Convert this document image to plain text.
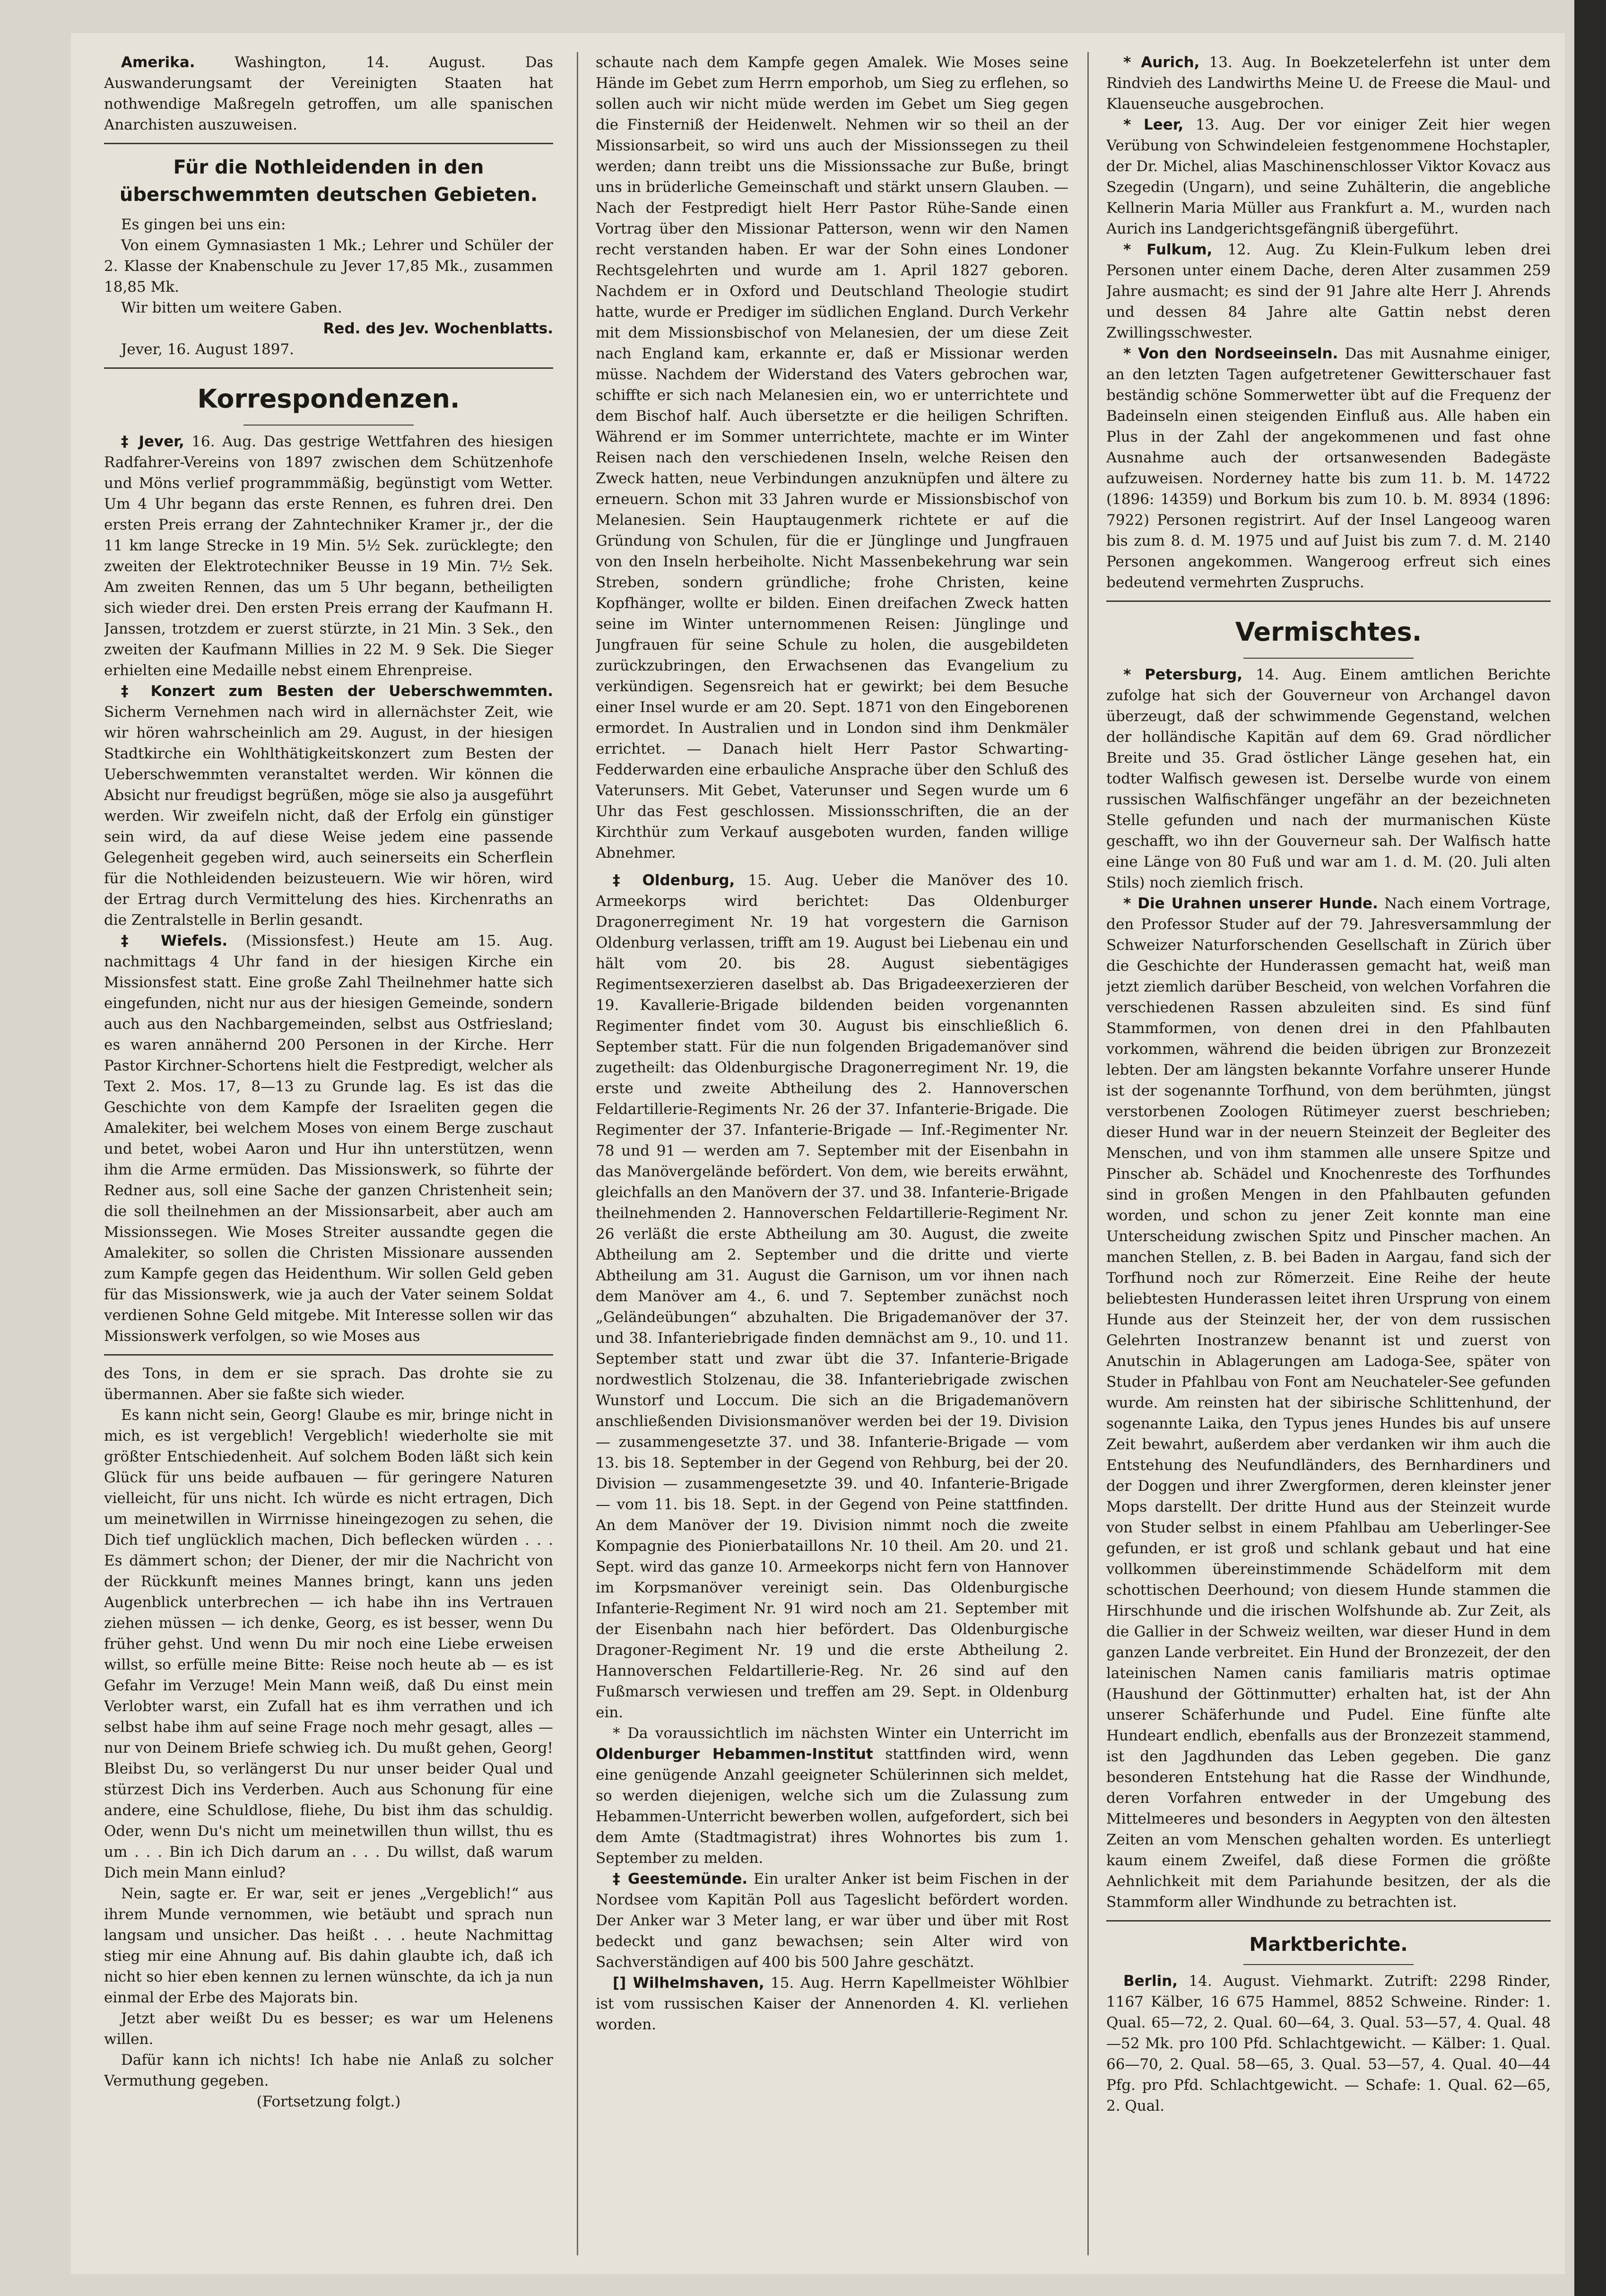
Amerika. Washington, 14. August. Das Auswanderungsamt der Vereinigten Staaten hat nothwendige Maßregeln getroffen, um alle spanischen Anarchisten auszuweisen.

Für die Nothleidenden in den überschwemmten deutschen Gebieten.

Es gingen bei uns ein:

Von einem Gymnasiasten 1 Mk.; Lehrer und Schüler der 2. Klasse der Knabenschule zu Jever 17,85 Mk., zusammen 18,85 Mk.

Wir bitten um weitere Gaben.

Red. des Jev. Wochenblatts.

Jever, 16. August 1897.

Korrespondenzen.

‡ Jever, 16. Aug. Das gestrige Wettfahren des hiesigen Radfahrer-Vereins von 1897 zwischen dem Schützenhofe und Möns verlief programmmäßig, begünstigt vom Wetter. Um 4 Uhr begann das erste Rennen, es fuhren drei. Den ersten Preis errang der Zahntechniker Kramer jr., der die 11 km lange Strecke in 19 Min. 5½ Sek. zurücklegte; den zweiten der Elektrotechniker Beusse in 19 Min. 7½ Sek. Am zweiten Rennen, das um 5 Uhr begann, betheiligten sich wieder drei. Den ersten Preis errang der Kaufmann H. Janssen, trotzdem er zuerst stürzte, in 21 Min. 3 Sek., den zweiten der Kaufmann Millies in 22 M. 9 Sek. Die Sieger erhielten eine Medaille nebst einem Ehrenpreise.

‡ Konzert zum Besten der Ueberschwemmten. Sicherm Vernehmen nach wird in allernächster Zeit, wie wir hören wahrscheinlich am 29. August, in der hiesigen Stadtkirche ein Wohlthätigkeitskonzert zum Besten der Ueberschwemmten veranstaltet werden. Wir können die Absicht nur freudigst begrüßen, möge sie also ja ausgeführt werden. Wir zweifeln nicht, daß der Erfolg ein günstiger sein wird, da auf diese Weise jedem eine passende Gelegenheit gegeben wird, auch seinerseits ein Scherflein für die Nothleidenden beizusteuern. Wie wir hören, wird der Ertrag durch Vermittelung des hies. Kirchenraths an die Zentralstelle in Berlin gesandt.

‡ Wiefels. (Missionsfest.) Heute am 15. Aug. nachmittags 4 Uhr fand in der hiesigen Kirche ein Missionsfest statt. Eine große Zahl Theilnehmer hatte sich eingefunden, nicht nur aus der hiesigen Gemeinde, sondern auch aus den Nachbargemeinden, selbst aus Ostfriesland; es waren annähernd 200 Personen in der Kirche. Herr Pastor Kirchner-Schortens hielt die Festpredigt, welcher als Text 2. Mos. 17, 8—13 zu Grunde lag. Es ist das die Geschichte von dem Kampfe der Israeliten gegen die Amalekiter, bei welchem Moses von einem Berge zuschaut und betet, wobei Aaron und Hur ihn unterstützen, wenn ihm die Arme ermüden. Das Missionswerk, so führte der Redner aus, soll eine Sache der ganzen Christenheit sein; die soll theilnehmen an der Missionsarbeit, aber auch am Missionssegen. Wie Moses Streiter aussandte gegen die Amalekiter, so sollen die Christen Missionare aussenden zum Kampfe gegen das Heidenthum. Wir sollen Geld geben für das Missionswerk, wie ja auch der Vater seinem Soldat verdienen Sohne Geld mitgebe. Mit Interesse sollen wir das Missionswerk verfolgen, so wie Moses aus

des Tons, in dem er sie sprach. Das drohte sie zu übermannen. Aber sie faßte sich wieder.

Es kann nicht sein, Georg! Glaube es mir, bringe nicht in mich, es ist vergeblich! Vergeblich! wiederholte sie mit größter Entschiedenheit. Auf solchem Boden läßt sich kein Glück für uns beide aufbauen — für geringere Naturen vielleicht, für uns nicht. Ich würde es nicht ertragen, Dich um meinetwillen in Wirrnisse hineingezogen zu sehen, die Dich tief unglücklich machen, Dich beflecken würden . . . Es dämmert schon; der Diener, der mir die Nachricht von der Rückkunft meines Mannes bringt, kann uns jeden Augenblick unterbrechen — ich habe ihn ins Vertrauen ziehen müssen — ich denke, Georg, es ist besser, wenn Du früher gehst. Und wenn Du mir noch eine Liebe erweisen willst, so erfülle meine Bitte: Reise noch heute ab — es ist Gefahr im Verzuge! Mein Mann weiß, daß Du einst mein Verlobter warst, ein Zufall hat es ihm verrathen und ich selbst habe ihm auf seine Frage noch mehr gesagt, alles — nur von Deinem Briefe schwieg ich. Du mußt gehen, Georg! Bleibst Du, so verlängerst Du nur unser beider Qual und stürzest Dich ins Verderben. Auch aus Schonung für eine andere, eine Schuldlose, fliehe, Du bist ihm das schuldig. Oder, wenn Du's nicht um meinetwillen thun willst, thu es um . . . Bin ich Dich darum an . . . Du willst, daß warum Dich mein Mann einlud?

Nein, sagte er. Er war, seit er jenes „Vergeblich!“ aus ihrem Munde vernommen, wie betäubt und sprach nun langsam und unsicher. Das heißt . . . heute Nachmittag stieg mir eine Ahnung auf. Bis dahin glaubte ich, daß ich nicht so hier eben kennen zu lernen wünschte, da ich ja nun einmal der Erbe des Majorats bin.

Jetzt aber weißt Du es besser; es war um Helenens willen.

Dafür kann ich nichts! Ich habe nie Anlaß zu solcher Vermuthung gegeben.

(Fortsetzung folgt.)

schaute nach dem Kampfe gegen Amalek. Wie Moses seine Hände im Gebet zum Herrn emporhob, um Sieg zu erflehen, so sollen auch wir nicht müde werden im Gebet um Sieg gegen die Finsterniß der Heidenwelt. Nehmen wir so theil an der Missionsarbeit, so wird uns auch der Missionssegen zu theil werden; dann treibt uns die Missionssache zur Buße, bringt uns in brüderliche Gemeinschaft und stärkt unsern Glauben. — Nach der Festpredigt hielt Herr Pastor Rühe-Sande einen Vortrag über den Missionar Patterson, wenn wir den Namen recht verstanden haben. Er war der Sohn eines Londoner Rechtsgelehrten und wurde am 1. April 1827 geboren. Nachdem er in Oxford und Deutschland Theologie studirt hatte, wurde er Prediger im südlichen England. Durch Verkehr mit dem Missionsbischof von Melanesien, der um diese Zeit nach England kam, erkannte er, daß er Missionar werden müsse. Nachdem der Widerstand des Vaters gebrochen war, schiffte er sich nach Melanesien ein, wo er unterrichtete und dem Bischof half. Auch übersetzte er die heiligen Schriften. Während er im Sommer unterrichtete, machte er im Winter Reisen nach den verschiedenen Inseln, welche Reisen den Zweck hatten, neue Verbindungen anzuknüpfen und ältere zu erneuern. Schon mit 33 Jahren wurde er Missionsbischof von Melanesien. Sein Hauptaugenmerk richtete er auf die Gründung von Schulen, für die er Jünglinge und Jungfrauen von den Inseln herbeiholte. Nicht Massenbekehrung war sein Streben, sondern gründliche; frohe Christen, keine Kopfhänger, wollte er bilden. Einen dreifachen Zweck hatten seine im Winter unternommenen Reisen: Jünglinge und Jungfrauen für seine Schule zu holen, die ausgebildeten zurückzubringen, den Erwachsenen das Evangelium zu verkündigen. Segensreich hat er gewirkt; bei dem Besuche einer Insel wurde er am 20. Sept. 1871 von den Eingeborenen ermordet. In Australien und in London sind ihm Denkmäler errichtet. — Danach hielt Herr Pastor Schwarting-Fedderwarden eine erbauliche Ansprache über den Schluß des Vaterunsers. Mit Gebet, Vaterunser und Segen wurde um 6 Uhr das Fest geschlossen. Missionsschriften, die an der Kirchthür zum Verkauf ausgeboten wurden, fanden willige Abnehmer.

‡ Oldenburg, 15. Aug. Ueber die Manöver des 10. Armeekorps wird berichtet: Das Oldenburger Dragonerregiment Nr. 19 hat vorgestern die Garnison Oldenburg verlassen, trifft am 19. August bei Liebenau ein und hält vom 20. bis 28. August siebentägiges Regimentsexerzieren daselbst ab. Das Brigadeexerzieren der 19. Kavallerie-Brigade bildenden beiden vorgenannten Regimenter findet vom 30. August bis einschließlich 6. September statt. Für die nun folgenden Brigademanöver sind zugetheilt: das Oldenburgische Dragonerregiment Nr. 19, die erste und zweite Abtheilung des 2. Hannoverschen Feldartillerie-Regiments Nr. 26 der 37. Infanterie-Brigade. Die Regimenter der 37. Infanterie-Brigade — Inf.-Regimenter Nr. 78 und 91 — werden am 7. September mit der Eisenbahn in das Manövergelände befördert. Von dem, wie bereits erwähnt, gleichfalls an den Manövern der 37. und 38. Infanterie-Brigade theilnehmenden 2. Hannoverschen Feldartillerie-Regiment Nr. 26 verläßt die erste Abtheilung am 30. August, die zweite Abtheilung am 2. September und die dritte und vierte Abtheilung am 31. August die Garnison, um vor ihnen nach dem Manöver am 4., 6. und 7. September zunächst noch „Geländeübungen“ abzuhalten. Die Brigademanöver der 37. und 38. Infanteriebrigade finden demnächst am 9., 10. und 11. September statt und zwar übt die 37. Infanterie-Brigade nordwestlich Stolzenau, die 38. Infanteriebrigade zwischen Wunstorf und Loccum. Die sich an die Brigademanövern anschließenden Divisionsmanöver werden bei der 19. Division — zusammengesetzte 37. und 38. Infanterie-Brigade — vom 13. bis 18. September in der Gegend von Rehburg, bei der 20. Division — zusammengesetzte 39. und 40. Infanterie-Brigade — vom 11. bis 18. Sept. in der Gegend von Peine stattfinden. An dem Manöver der 19. Division nimmt noch die zweite Kompagnie des Pionierbataillons Nr. 10 theil. Am 20. und 21. Sept. wird das ganze 10. Armeekorps nicht fern von Hannover im Korpsmanöver vereinigt sein. Das Oldenburgische Infanterie-Regiment Nr. 91 wird noch am 21. September mit der Eisenbahn nach hier befördert. Das Oldenburgische Dragoner-Regiment Nr. 19 und die erste Abtheilung 2. Hannoverschen Feldartillerie-Reg. Nr. 26 sind auf den Fußmarsch verwiesen und treffen am 29. Sept. in Oldenburg ein.

* Da voraussichtlich im nächsten Winter ein Unterricht im Oldenburger Hebammen-Institut stattfinden wird, wenn eine genügende Anzahl geeigneter Schülerinnen sich meldet, so werden diejenigen, welche sich um die Zulassung zum Hebammen-Unterricht bewerben wollen, aufgefordert, sich bei dem Amte (Stadtmagistrat) ihres Wohnortes bis zum 1. September zu melden.

‡ Geestemünde. Ein uralter Anker ist beim Fischen in der Nordsee vom Kapitän Poll aus Tageslicht befördert worden. Der Anker war 3 Meter lang, er war über und über mit Rost bedeckt und ganz bewachsen; sein Alter wird von Sachverständigen auf 400 bis 500 Jahre geschätzt.

[] Wilhelmshaven, 15. Aug. Herrn Kapellmeister Wöhlbier ist vom russischen Kaiser der Annenorden 4. Kl. verliehen worden.

* Aurich, 13. Aug. In Boekzetelerfehn ist unter dem Rindvieh des Landwirths Meine U. de Freese die Maul- und Klauenseuche ausgebrochen.

* Leer, 13. Aug. Der vor einiger Zeit hier wegen Verübung von Schwindeleien festgenommene Hochstapler, der Dr. Michel, alias Maschinenschlosser Viktor Kovacz aus Szegedin (Ungarn), und seine Zuhälterin, die angebliche Kellnerin Maria Müller aus Frankfurt a. M., wurden nach Aurich ins Landgerichtsgefängniß übergeführt.

* Fulkum, 12. Aug. Zu Klein-Fulkum leben drei Personen unter einem Dache, deren Alter zusammen 259 Jahre ausmacht; es sind der 91 Jahre alte Herr J. Ahrends und dessen 84 Jahre alte Gattin nebst deren Zwillingsschwester.

* Von den Nordseeinseln. Das mit Ausnahme einiger, an den letzten Tagen aufgetretener Gewitterschauer fast beständig schöne Sommerwetter übt auf die Frequenz der Badeinseln einen steigenden Einfluß aus. Alle haben ein Plus in der Zahl der angekommenen und fast ohne Ausnahme auch der ortsanwesenden Badegäste aufzuweisen. Norderney hatte bis zum 11. b. M. 14722 (1896: 14359) und Borkum bis zum 10. b. M. 8934 (1896: 7922) Personen registrirt. Auf der Insel Langeoog waren bis zum 8. d. M. 1975 und auf Juist bis zum 7. d. M. 2140 Personen angekommen. Wangeroog erfreut sich eines bedeutend vermehrten Zuspruchs.

Vermischtes.

* Petersburg, 14. Aug. Einem amtlichen Berichte zufolge hat sich der Gouverneur von Archangel davon überzeugt, daß der schwimmende Gegenstand, welchen der holländische Kapitän auf dem 69. Grad nördlicher Breite und 35. Grad östlicher Länge gesehen hat, ein todter Walfisch gewesen ist. Derselbe wurde von einem russischen Walfischfänger ungefähr an der bezeichneten Stelle gefunden und nach der murmanischen Küste geschafft, wo ihn der Gouverneur sah. Der Walfisch hatte eine Länge von 80 Fuß und war am 1. d. M. (20. Juli alten Stils) noch ziemlich frisch.

* Die Urahnen unserer Hunde. Nach einem Vortrage, den Professor Studer auf der 79. Jahresversammlung der Schweizer Naturforschenden Gesellschaft in Zürich über die Geschichte der Hunderassen gemacht hat, weiß man jetzt ziemlich darüber Bescheid, von welchen Vorfahren die verschiedenen Rassen abzuleiten sind. Es sind fünf Stammformen, von denen drei in den Pfahlbauten vorkommen, während die beiden übrigen zur Bronzezeit lebten. Der am längsten bekannte Vorfahre unserer Hunde ist der sogenannte Torfhund, von dem berühmten, jüngst verstorbenen Zoologen Rütimeyer zuerst beschrieben; dieser Hund war in der neuern Steinzeit der Begleiter des Menschen, und von ihm stammen alle unsere Spitze und Pinscher ab. Schädel und Knochenreste des Torfhundes sind in großen Mengen in den Pfahlbauten gefunden worden, und schon zu jener Zeit konnte man eine Unterscheidung zwischen Spitz und Pinscher machen. An manchen Stellen, z. B. bei Baden in Aargau, fand sich der Torfhund noch zur Römerzeit. Eine Reihe der heute beliebtesten Hunderassen leitet ihren Ursprung von einem Hunde aus der Steinzeit her, der von dem russischen Gelehrten Inostranzew benannt ist und zuerst von Anutschin in Ablagerungen am Ladoga-See, später von Studer in Pfahlbau von Font am Neuchateler-See gefunden wurde. Am reinsten hat der sibirische Schlittenhund, der sogenannte Laika, den Typus jenes Hundes bis auf unsere Zeit bewahrt, außerdem aber verdanken wir ihm auch die Entstehung des Neufundländers, des Bernhardiners und der Doggen und ihrer Zwergformen, deren kleinster jener Mops darstellt. Der dritte Hund aus der Steinzeit wurde von Studer selbst in einem Pfahlbau am Ueberlinger-See gefunden, er ist groß und schlank gebaut und hat eine vollkommen übereinstimmende Schädelform mit dem schottischen Deerhound; von diesem Hunde stammen die Hirschhunde und die irischen Wolfshunde ab. Zur Zeit, als die Gallier in der Schweiz weilten, war dieser Hund in dem ganzen Lande verbreitet. Ein Hund der Bronzezeit, der den lateinischen Namen canis familiaris matris optimae (Haushund der Göttinmutter) erhalten hat, ist der Ahn unserer Schäferhunde und Pudel. Eine fünfte alte Hundeart endlich, ebenfalls aus der Bronzezeit stammend, ist den Jagdhunden das Leben gegeben. Die ganz besonderen Entstehung hat die Rasse der Windhunde, deren Vorfahren entweder in der Umgebung des Mittelmeeres und besonders in Aegypten von den ältesten Zeiten an vom Menschen gehalten worden. Es unterliegt kaum einem Zweifel, daß diese Formen die größte Aehnlichkeit mit dem Pariahunde besitzen, der als die Stammform aller Windhunde zu betrachten ist.

Marktberichte.

Berlin, 14. August. Viehmarkt. Zutrift: 2298 Rinder, 1167 Kälber, 16 675 Hammel, 8852 Schweine. Rinder: 1. Qual. 65—72, 2. Qual. 60—64, 3. Qual. 53—57, 4. Qual. 48—52 Mk. pro 100 Pfd. Schlachtgewicht. — Kälber: 1. Qual. 66—70, 2. Qual. 58—65, 3. Qual. 53—57, 4. Qual. 40—44 Pfg. pro Pfd. Schlachtgewicht. — Schafe: 1. Qual. 62—65, 2. Qual.
